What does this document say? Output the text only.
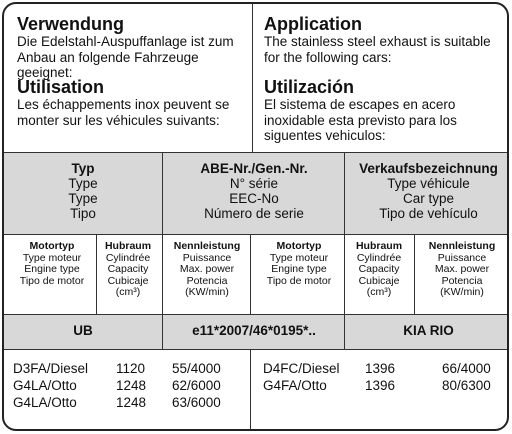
Verwendung

Die Edelstahl-Auspuffanlage ist zum Anbau an folgende Fahrzeuge geeignet:

Application

The stainless steel exhaust is suitable for the following cars:

Utilisation

Les échappements inox peuvent se monter sur les véhicules suivants:

Utilización

El sistema de escapes en acero inoxidable esta previsto para los siguentes vehiculos:

Typ
Type
Type
Tipo
ABE-Nr./Gen.-Nr.
N° série
EEC-No
Número de serie
Verkaufsbezeichnung
Type véhicule
Car type
Tipo de vehículo
Motortyp
Type moteur
Engine type
Tipo de motor
Hubraum
Cylindrée
Capacity
Cubicaje
(cm³)
Nennleistung
Puissance
Max. power
Potencia
(KW/min)
Motortyp
Type moteur
Engine type
Tipo de motor
Hubraum
Cylindrée
Capacity
Cubicaje
(cm³)
Nennleistung
Puissance
Max. power
Potencia
(KW/min)
UB	e11*2007/46*0195*..	KIA RIO
D3FA/Diesel
G4LA/Otto
G4LA/Otto
1120
1248
1248
55/4000
62/6000
63/6000
D4FC/Diesel
G4FA/Otto
1396
1396
66/4000
80/6300
